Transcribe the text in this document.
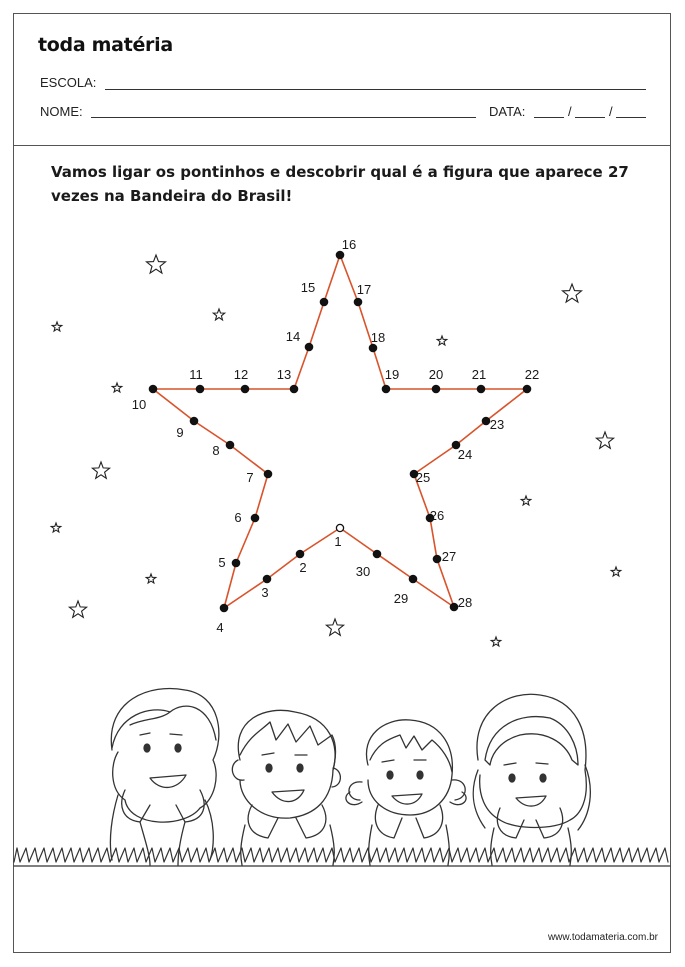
toda matéria
ESCOLA:
NOME:	DATA:	/	/
Vamos ligar os pontinhos e descobrir qual é a figura que aparece 27 vezes na Bandeira do Brasil!
1
2
3
4
5
6
7
8
9
10
11 12 13
14
15
16
17
18
19 20 21	22
23
24
25
26
27
28
29
30
www.todamateria.com.br
